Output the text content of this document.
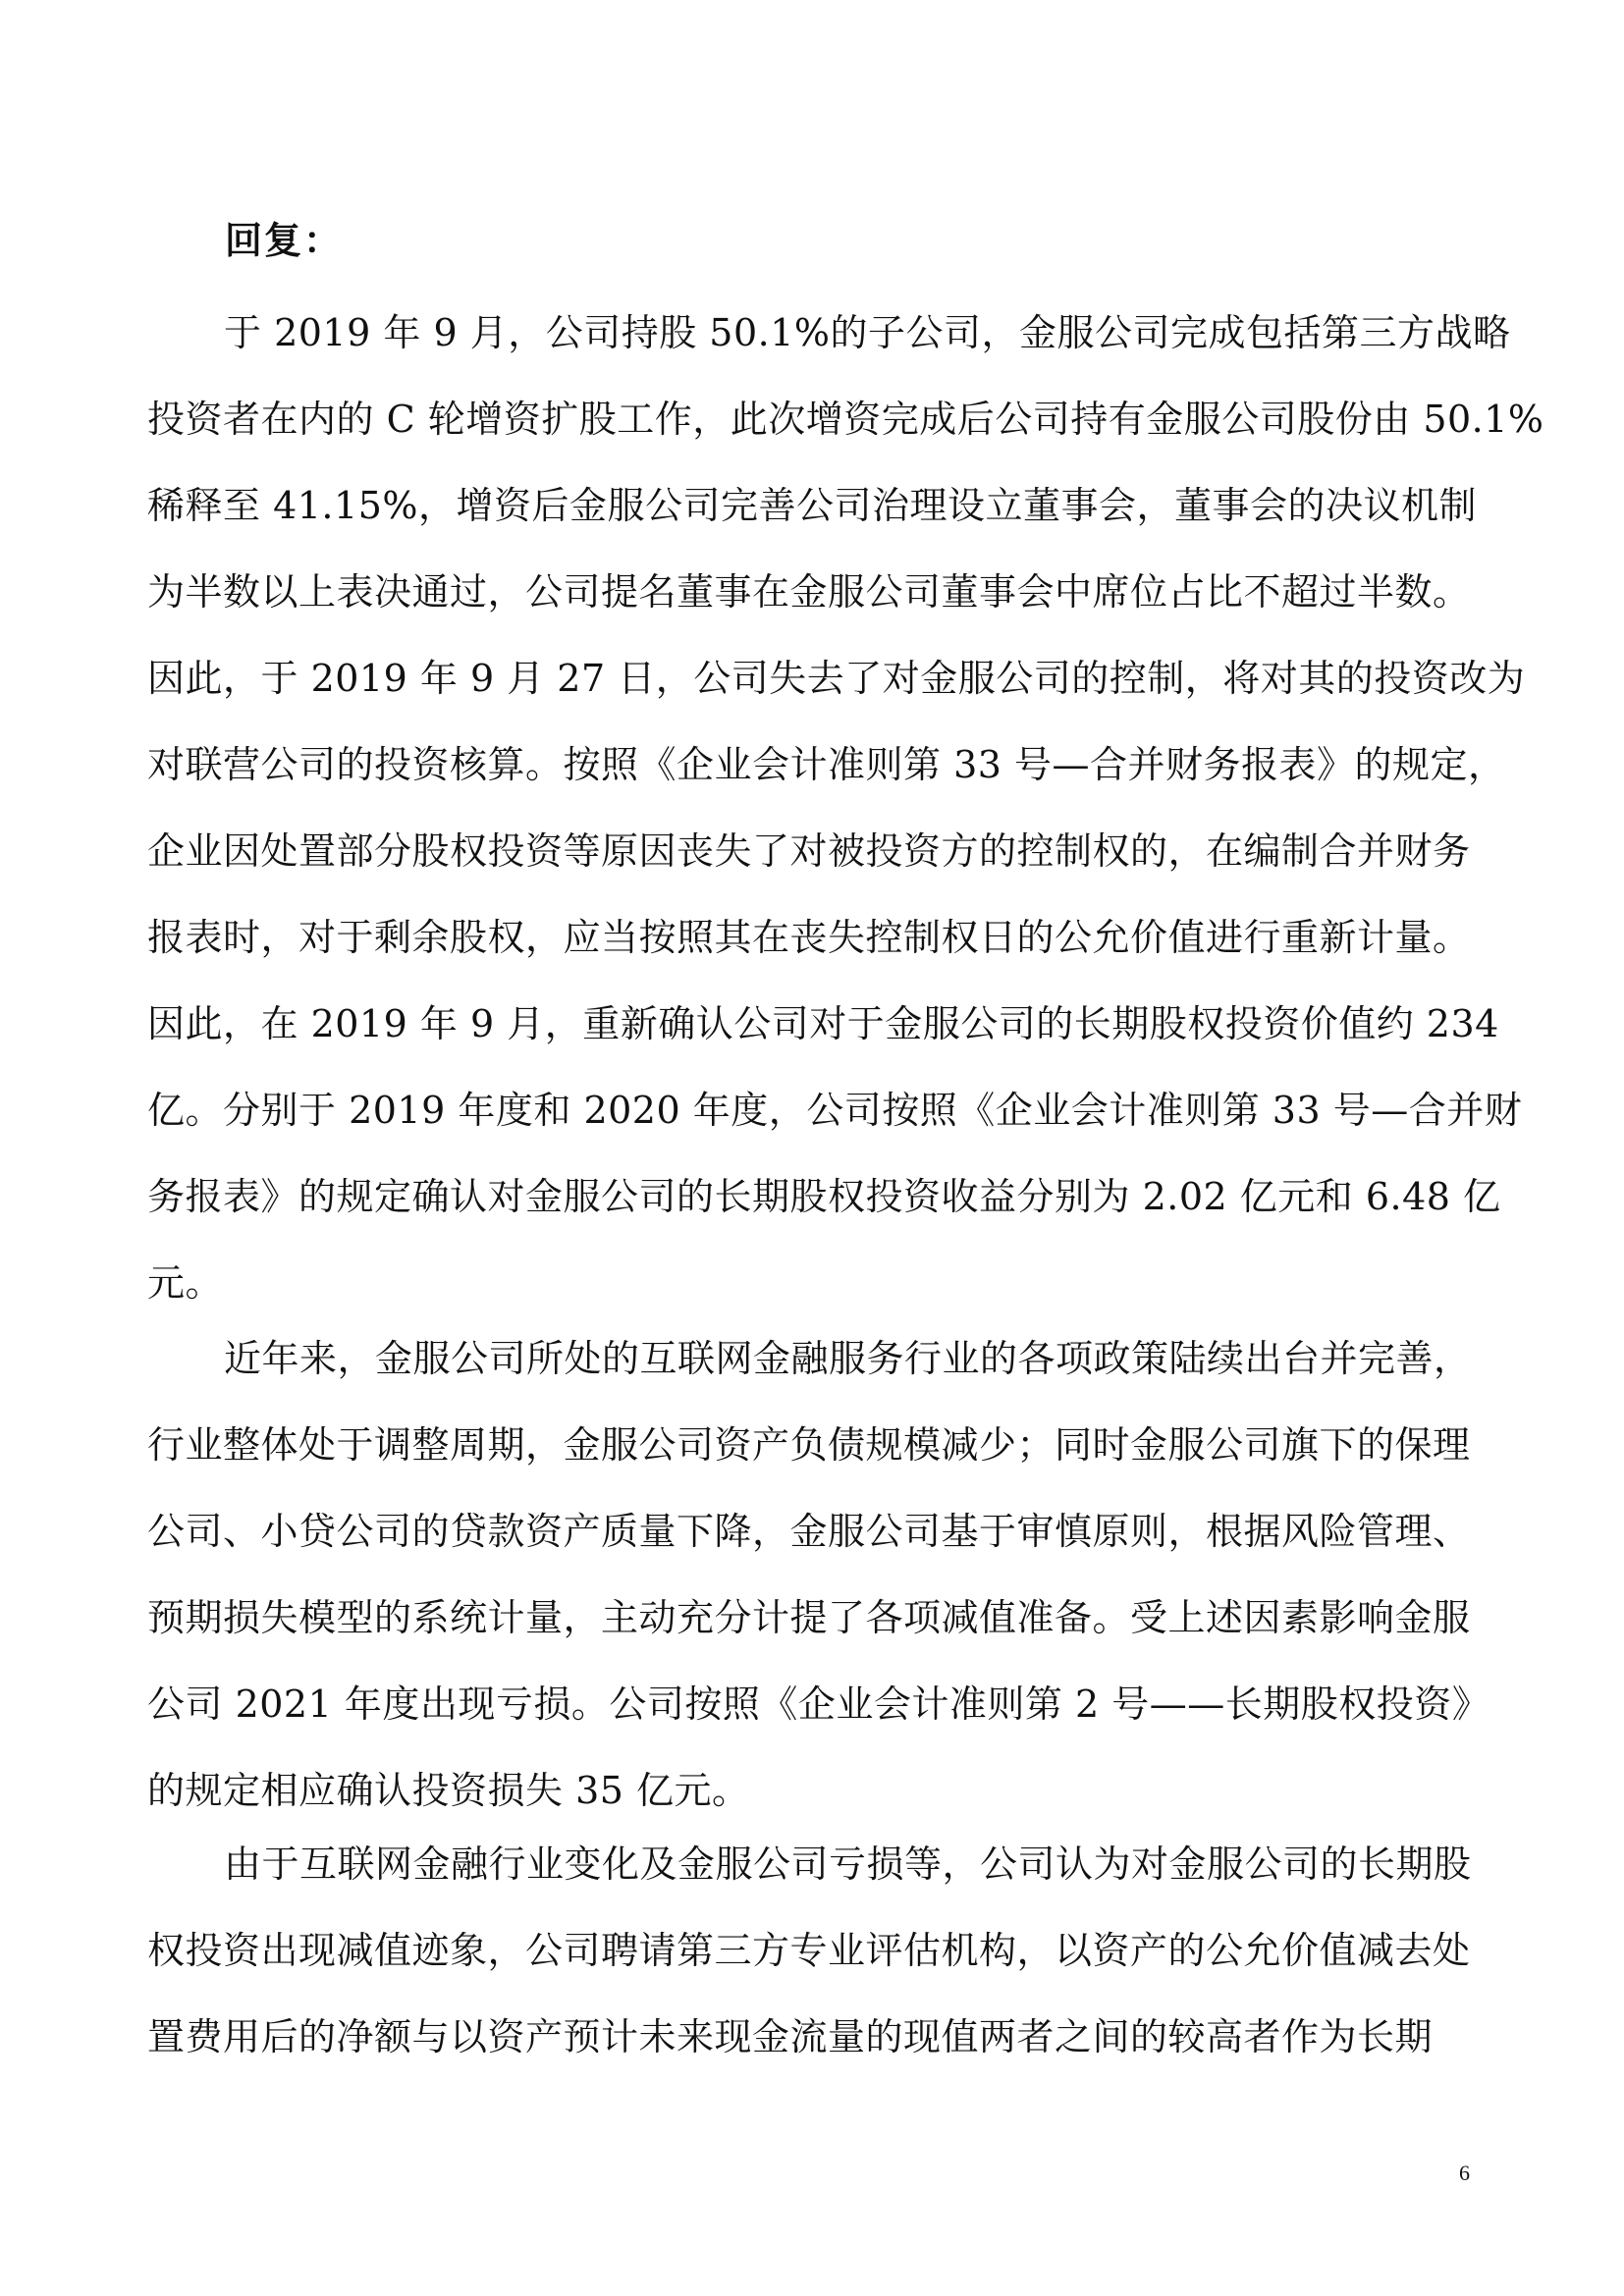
回复：

于 2019 年 9 月，公司持股 50.1%的子公司，金服公司完成包括第三方战略
投资者在内的 C 轮增资扩股工作，此次增资完成后公司持有金服公司股份由 50.1%
稀释至 41.15%，增资后金服公司完善公司治理设立董事会，董事会的决议机制
为半数以上表决通过，公司提名董事在金服公司董事会中席位占比不超过半数。
因此，于 2019 年 9 月 27 日，公司失去了对金服公司的控制，将对其的投资改为
对联营公司的投资核算。按照《企业会计准则第 33 号—合并财务报表》的规定，
企业因处置部分股权投资等原因丧失了对被投资方的控制权的，在编制合并财务
报表时，对于剩余股权，应当按照其在丧失控制权日的公允价值进行重新计量。
因此，在 2019 年 9 月，重新确认公司对于金服公司的长期股权投资价值约 234
亿。分别于 2019 年度和 2020 年度，公司按照《企业会计准则第 33 号—合并财
务报表》的规定确认对金服公司的长期股权投资收益分别为 2.02 亿元和 6.48 亿
元。

近年来，金服公司所处的互联网金融服务行业的各项政策陆续出台并完善，
行业整体处于调整周期，金服公司资产负债规模减少；同时金服公司旗下的保理
公司、小贷公司的贷款资产质量下降，金服公司基于审慎原则，根据风险管理、
预期损失模型的系统计量，主动充分计提了各项减值准备。受上述因素影响金服
公司 2021 年度出现亏损。公司按照《企业会计准则第 2 号——长期股权投资》
的规定相应确认投资损失 35 亿元。

由于互联网金融行业变化及金服公司亏损等，公司认为对金服公司的长期股
权投资出现减值迹象，公司聘请第三方专业评估机构，以资产的公允价值减去处
置费用后的净额与以资产预计未来现金流量的现值两者之间的较高者作为长期

6
